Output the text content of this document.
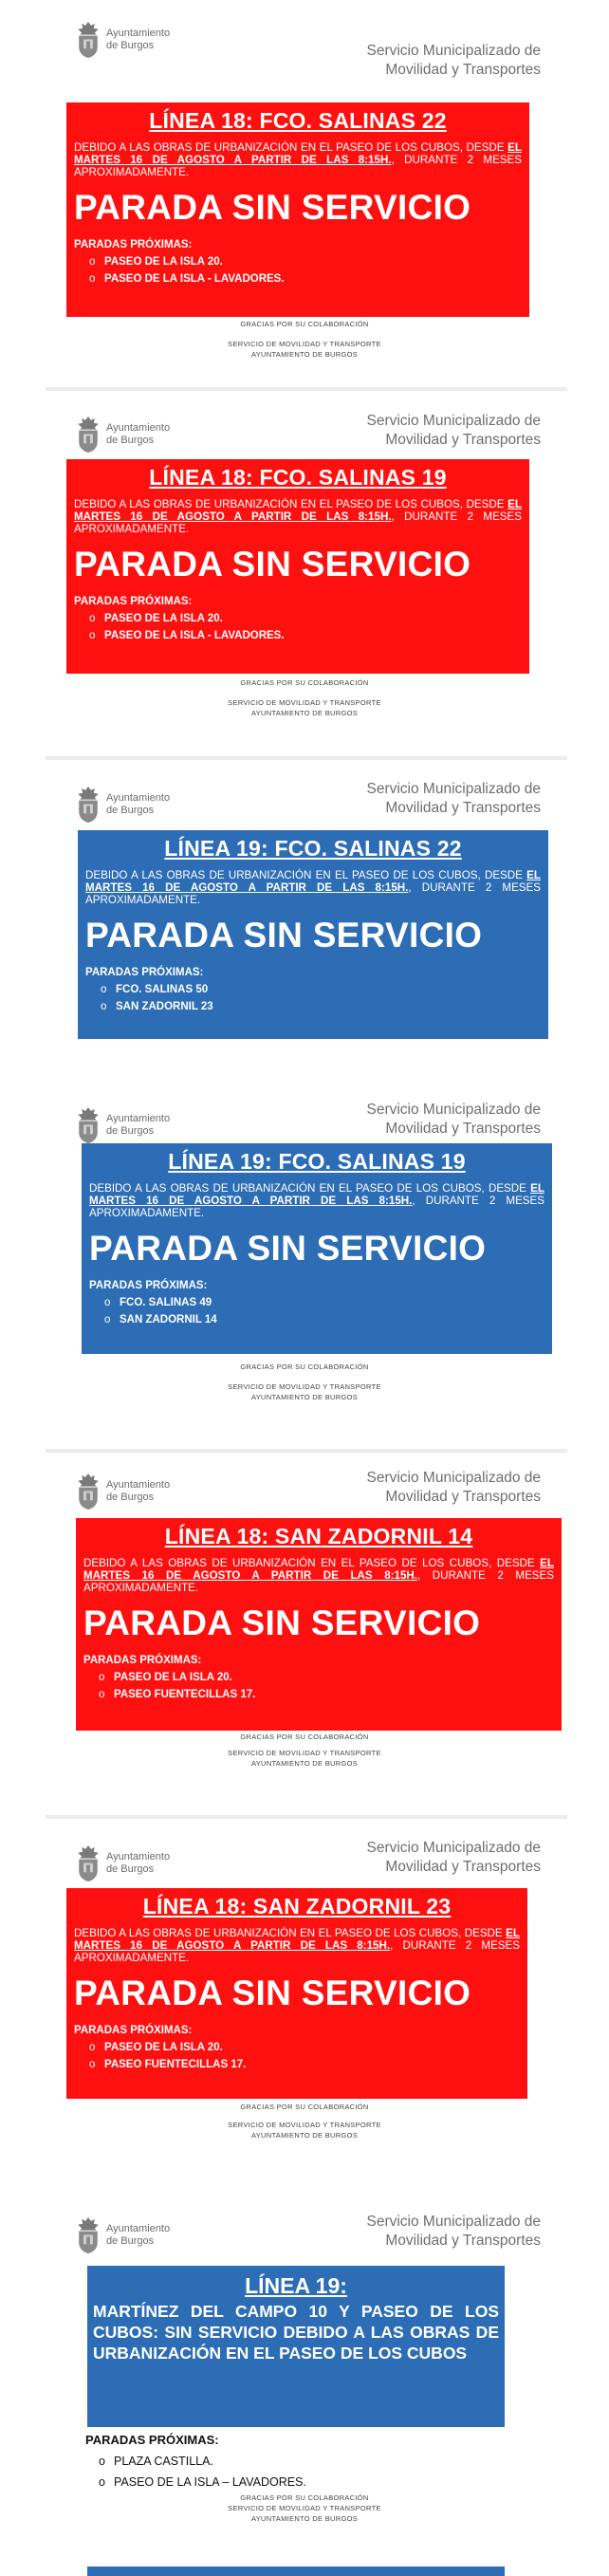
Ayuntamiento
de Burgos	Servicio Municipalizado de
Movilidad y Transportes
LÍNEA 18: FCO. SALINAS 22
DEBIDO A LAS OBRAS DE URBANIZACIÓN EN EL PASEO DE LOS CUBOS, DESDE EL MARTES 16 DE AGOSTO A PARTIR DE LAS 8:15H., DURANTE 2 MESES APROXIMADAMENTE.
PARADA SIN SERVICIO
PARADAS PRÓXIMAS:
o PASEO DE LA ISLA 20.
o PASEO DE LA ISLA - LAVADORES.
GRACIAS POR SU COLABORACIÓN
SERVICIO DE MOVILIDAD Y TRANSPORTE
AYUNTAMIENTO DE BURGOS
Ayuntamiento
de Burgos
Servicio Municipalizado de
Movilidad y Transportes
LÍNEA 18: FCO. SALINAS 19
DEBIDO A LAS OBRAS DE URBANIZACIÓN EN EL PASEO DE LOS CUBOS, DESDE EL MARTES 16 DE AGOSTO A PARTIR DE LAS 8:15H., DURANTE 2 MESES APROXIMADAMENTE.
PARADA SIN SERVICIO
PARADAS PRÓXIMAS:
o PASEO DE LA ISLA 20.
o PASEO DE LA ISLA - LAVADORES.
GRACIAS POR SU COLABORACIÓN
SERVICIO DE MOVILIDAD Y TRANSPORTE
AYUNTAMIENTO DE BURGOS
Ayuntamiento
de Burgos
Servicio Municipalizado de
Movilidad y Transportes
LÍNEA 19: FCO. SALINAS 22
DEBIDO A LAS OBRAS DE URBANIZACIÓN EN EL PASEO DE LOS CUBOS, DESDE EL MARTES 16 DE AGOSTO A PARTIR DE LAS 8:15H., DURANTE 2 MESES APROXIMADAMENTE.
PARADA SIN SERVICIO
PARADAS PRÓXIMAS:
o FCO. SALINAS 50
o SAN ZADORNIL 23
Ayuntamiento
de Burgos
Servicio Municipalizado de
Movilidad y Transportes
LÍNEA 19: FCO. SALINAS 19
DEBIDO A LAS OBRAS DE URBANIZACIÓN EN EL PASEO DE LOS CUBOS, DESDE EL MARTES 16 DE AGOSTO A PARTIR DE LAS 8:15H., DURANTE 2 MESES APROXIMADAMENTE.
PARADA SIN SERVICIO
PARADAS PRÓXIMAS:
o FCO. SALINAS 49
o SAN ZADORNIL 14
GRACIAS POR SU COLABORACIÓN
SERVICIO DE MOVILIDAD Y TRANSPORTE
AYUNTAMIENTO DE BURGOS
Ayuntamiento
de Burgos
Servicio Municipalizado de
Movilidad y Transportes
LÍNEA 18: SAN ZADORNIL 14
DEBIDO A LAS OBRAS DE URBANIZACIÓN EN EL PASEO DE LOS CUBOS, DESDE EL MARTES 16 DE AGOSTO A PARTIR DE LAS 8:15H., DURANTE 2 MESES APROXIMADAMENTE.
PARADA SIN SERVICIO
PARADAS PRÓXIMAS:
o PASEO DE LA ISLA 20.
o PASEO FUENTECILLAS 17.
GRACIAS POR SU COLABORACIÓN
SERVICIO DE MOVILIDAD Y TRANSPORTE
AYUNTAMIENTO DE BURGOS
Ayuntamiento
de Burgos
Servicio Municipalizado de
Movilidad y Transportes
LÍNEA 18: SAN ZADORNIL 23
DEBIDO A LAS OBRAS DE URBANIZACIÓN EN EL PASEO DE LOS CUBOS, DESDE EL MARTES 16 DE AGOSTO A PARTIR DE LAS 8:15H., DURANTE 2 MESES APROXIMADAMENTE.
PARADA SIN SERVICIO
PARADAS PRÓXIMAS:
o PASEO DE LA ISLA 20.
o PASEO FUENTECILLAS 17.
GRACIAS POR SU COLABORACIÓN
SERVICIO DE MOVILIDAD Y TRANSPORTE
AYUNTAMIENTO DE BURGOS
Ayuntamiento
de Burgos
Servicio Municipalizado de
Movilidad y Transportes
LÍNEA 19:
MARTÍNEZ DEL CAMPO 10 Y PASEO DE LOS CUBOS: SIN SERVICIO DEBIDO A LAS OBRAS DE URBANIZACIÓN EN EL PASEO DE LOS CUBOS
PARADAS PRÓXIMAS:
o PLAZA CASTILLA.
o PASEO DE LA ISLA – LAVADORES.
GRACIAS POR SU COLABORACIÓN
SERVICIO DE MOVILIDAD Y TRANSPORTE
AYUNTAMIENTO DE BURGOS
